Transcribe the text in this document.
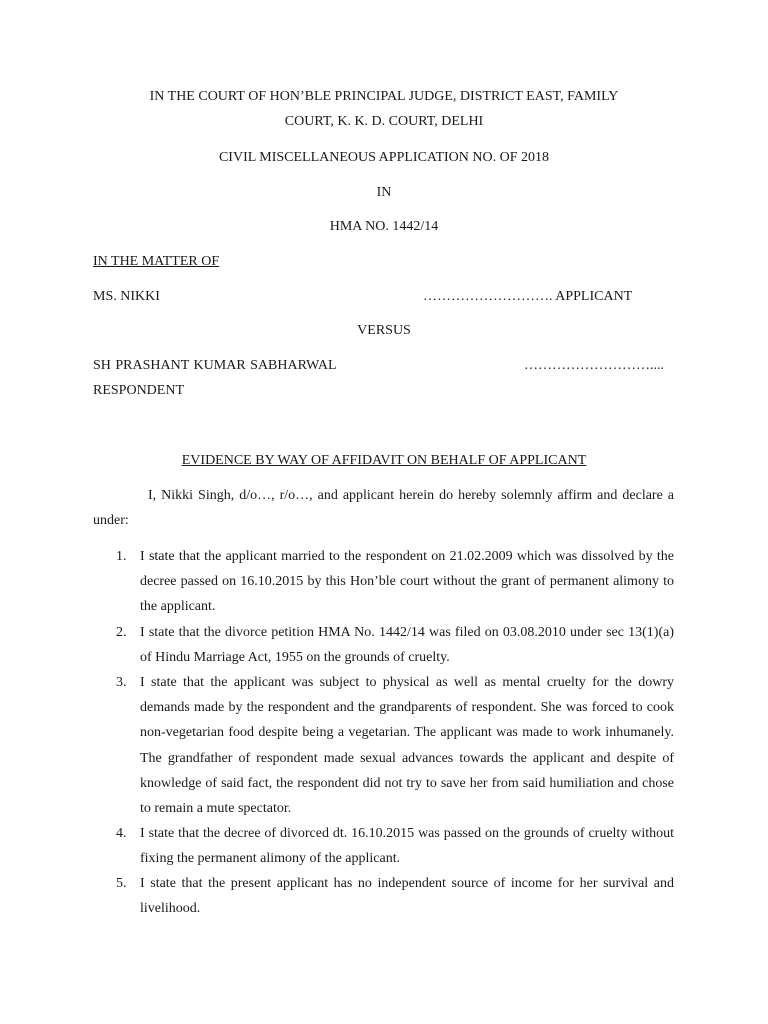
IN THE COURT OF HON’BLE PRINCIPAL JUDGE, DISTRICT EAST, FAMILY
COURT, K. K. D. COURT, DELHI
CIVIL MISCELLANEOUS APPLICATION NO. OF 2018
IN
HMA NO. 1442/14
IN THE MATTER OF
MS. NIKKI	………………………. APPLICANT
VERSUS
SH PRASHANT KUMAR SABHARWAL	………………………....
RESPONDENT
EVIDENCE BY WAY OF AFFIDAVIT ON BEHALF OF APPLICANT
I, Nikki Singh, d/o…, r/o…, and applicant herein do hereby solemnly affirm and declare a under:
1. I state that the applicant married to the respondent on 21.02.2009 which was dissolved by the decree passed on 16.10.2015 by this Hon’ble court without the grant of permanent alimony to the applicant.
2. I state that the divorce petition HMA No. 1442/14 was filed on 03.08.2010 under sec 13(1)(a) of Hindu Marriage Act, 1955 on the grounds of cruelty.
3. I state that the applicant was subject to physical as well as mental cruelty for the dowry demands made by the respondent and the grandparents of respondent. She was forced to cook non-vegetarian food despite being a vegetarian. The applicant was made to work inhumanely. The grandfather of respondent made sexual advances towards the applicant and despite of knowledge of said fact, the respondent did not try to save her from said humiliation and chose to remain a mute spectator.
4. I state that the decree of divorced dt. 16.10.2015 was passed on the grounds of cruelty without fixing the permanent alimony of the applicant.
5. I state that the present applicant has no independent source of income for her survival and livelihood.
